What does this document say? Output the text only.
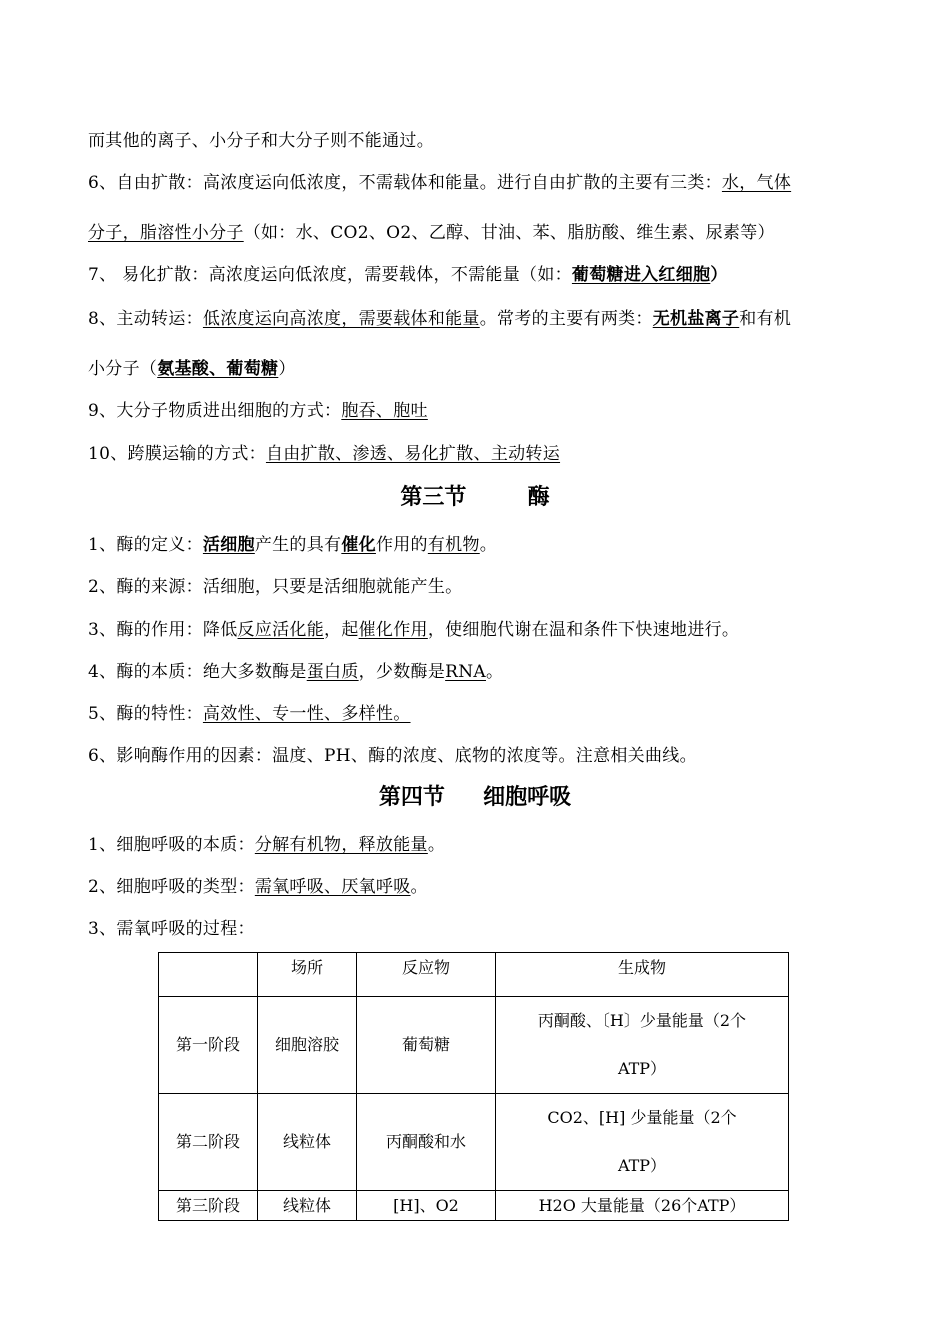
而其他的离子、小分子和大分子则不能通过。
6、自由扩散：高浓度运向低浓度，不需载体和能量。进行自由扩散的主要有三类：水，气体
分子，脂溶性小分子（如：水、CO2、O2、乙醇、甘油、苯、脂肪酸、维生素、尿素等）
7、 易化扩散：高浓度运向低浓度，需要载体，不需能量（如：葡萄糖进入红细胞）
8、主动转运：低浓度运向高浓度，需要载体和能量。常考的主要有两类：无机盐离子和有机
小分子（氨基酸、葡萄糖）
9、大分子物质进出细胞的方式：胞吞、胞吐
10、跨膜运输的方式：自由扩散、渗透、易化扩散、主动转运
第三节        酶
1、酶的定义：活细胞产生的具有催化作用的有机物。
2、酶的来源：活细胞，只要是活细胞就能产生。
3、酶的作用：降低反应活化能，起催化作用，使细胞代谢在温和条件下快速地进行。
4、酶的本质：绝大多数酶是蛋白质，少数酶是RNA。
5、酶的特性：高效性、专一性、多样性。
6、影响酶作用的因素：温度、PH、酶的浓度、底物的浓度等。注意相关曲线。
第四节     细胞呼吸
1、细胞呼吸的本质：分解有机物，释放能量。
2、细胞呼吸的类型：需氧呼吸、厌氧呼吸。
3、需氧呼吸的过程：
	场所	反应物	生成物
第一阶段	细胞溶胶	葡萄糖	丙酮酸、〔H〕少量能量（2个
ATP）

第二阶段	线粒体	丙酮酸和水	CO2、[H] 少量能量（2个
ATP）

第三阶段	线粒体	[H]、O2	H2O 大量能量（26个ATP）
